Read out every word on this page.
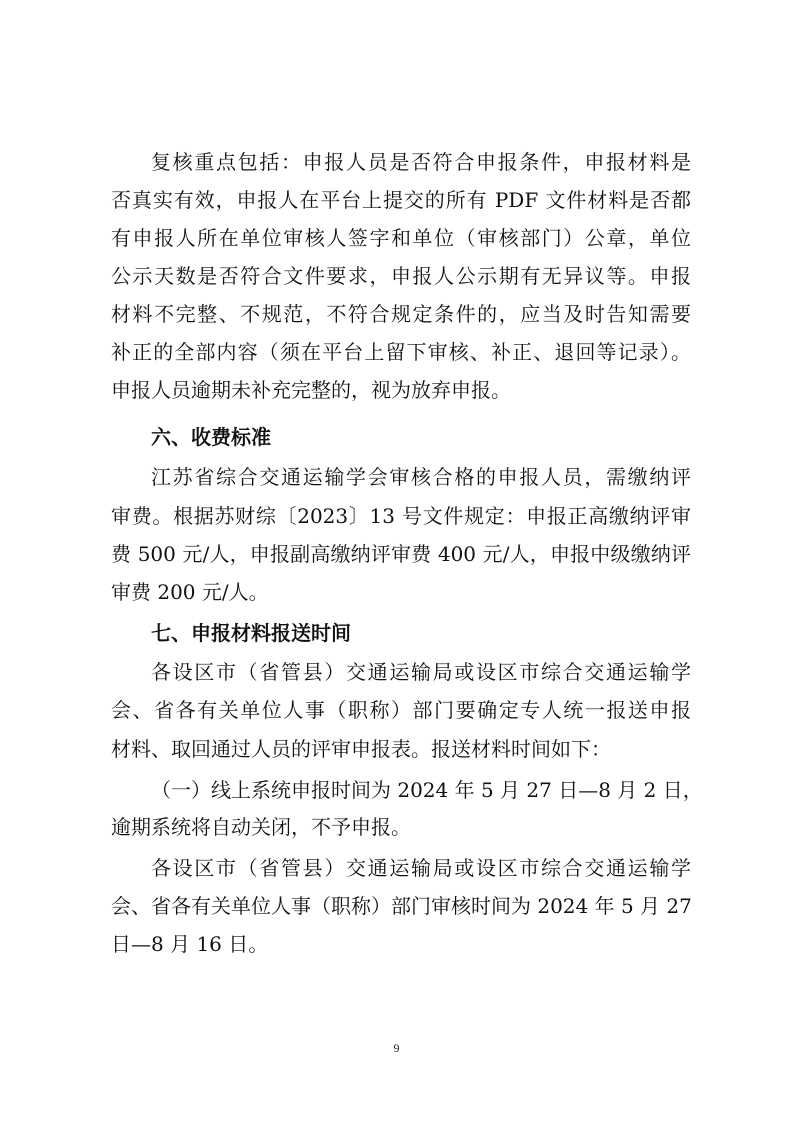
复核重点包括：申报人员是否符合申报条件，申报材料是
否真实有效，申报人在平台上提交的所有 PDF 文件材料是否都
有申报人所在单位审核人签字和单位（审核部门）公章，单位
公示天数是否符合文件要求，申报人公示期有无异议等。申报
材料不完整、不规范，不符合规定条件的，应当及时告知需要
补正的全部内容（须在平台上留下审核、补正、退回等记录）。
申报人员逾期未补充完整的，视为放弃申报。
六、收费标准
江苏省综合交通运输学会审核合格的申报人员，需缴纳评
审费。根据苏财综〔2023〕13 号文件规定：申报正高缴纳评审
费 500 元/人，申报副高缴纳评审费 400 元/人，申报中级缴纳评
审费 200 元/人。
七、申报材料报送时间
各设区市（省管县）交通运输局或设区市综合交通运输学
会、省各有关单位人事（职称）部门要确定专人统一报送申报
材料、取回通过人员的评审申报表。报送材料时间如下：
（一）线上系统申报时间为 2024 年 5 月 27 日—8 月 2 日，
逾期系统将自动关闭，不予申报。
各设区市（省管县）交通运输局或设区市综合交通运输学
会、省各有关单位人事（职称）部门审核时间为 2024 年 5 月 27
日—8 月 16 日。
9
